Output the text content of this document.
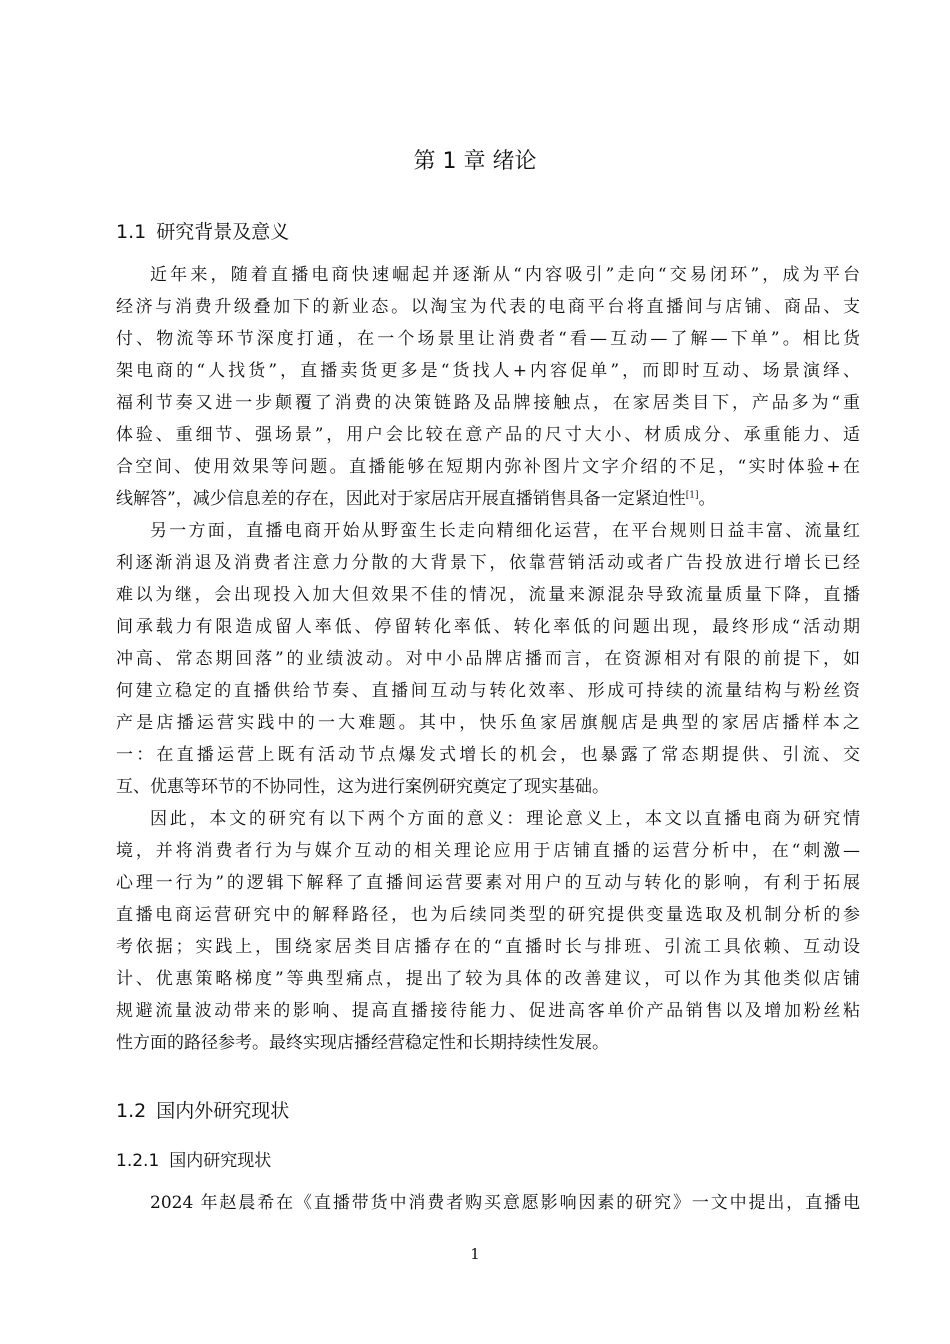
第 1 章 绪论
1.1 研究背景及意义
近年来，随着直播电商快速崛起并逐渐从“内容吸引”走向“交易闭环”，成为平台
经济与消费升级叠加下的新业态。以淘宝为代表的电商平台将直播间与店铺、商品、支
付、物流等环节深度打通，在一个场景里让消费者“看—互动—了解—下单”。相比货
架电商的“人找货”，直播卖货更多是“货找人+内容促单”，而即时互动、场景演绎、
福利节奏又进一步颠覆了消费的决策链路及品牌接触点，在家居类目下，产品多为“重
体验、重细节、强场景”，用户会比较在意产品的尺寸大小、材质成分、承重能力、适
合空间、使用效果等问题。直播能够在短期内弥补图片文字介绍的不足，“实时体验+在
线解答”，减少信息差的存在，因此对于家居店开展直播销售具备一定紧迫性[1]。
另一方面，直播电商开始从野蛮生长走向精细化运营，在平台规则日益丰富、流量红
利逐渐消退及消费者注意力分散的大背景下，依靠营销活动或者广告投放进行增长已经
难以为继，会出现投入加大但效果不佳的情况，流量来源混杂导致流量质量下降，直播
间承载力有限造成留人率低、停留转化率低、转化率低的问题出现，最终形成“活动期
冲高、常态期回落”的业绩波动。对中小品牌店播而言，在资源相对有限的前提下，如
何建立稳定的直播供给节奏、直播间互动与转化效率、形成可持续的流量结构与粉丝资
产是店播运营实践中的一大难题。其中，快乐鱼家居旗舰店是典型的家居店播样本之
一：在直播运营上既有活动节点爆发式增长的机会，也暴露了常态期提供、引流、交
互、优惠等环节的不协同性，这为进行案例研究奠定了现实基础。
因此，本文的研究有以下两个方面的意义：理论意义上，本文以直播电商为研究情
境，并将消费者行为与媒介互动的相关理论应用于店铺直播的运营分析中，在“刺激—
心理一行为”的逻辑下解释了直播间运营要素对用户的互动与转化的影响，有利于拓展
直播电商运营研究中的解释路径，也为后续同类型的研究提供变量选取及机制分析的参
考依据；实践上，围绕家居类目店播存在的“直播时长与排班、引流工具依赖、互动设
计、优惠策略梯度”等典型痛点，提出了较为具体的改善建议，可以作为其他类似店铺
规避流量波动带来的影响、提高直播接待能力、促进高客单价产品销售以及增加粉丝粘
性方面的路径参考。最终实现店播经营稳定性和长期持续性发展。
1.2 国内外研究现状
1.2.1 国内研究现状
2024 年赵晨希在《直播带货中消费者购买意愿影响因素的研究》一文中提出，直播电
1
